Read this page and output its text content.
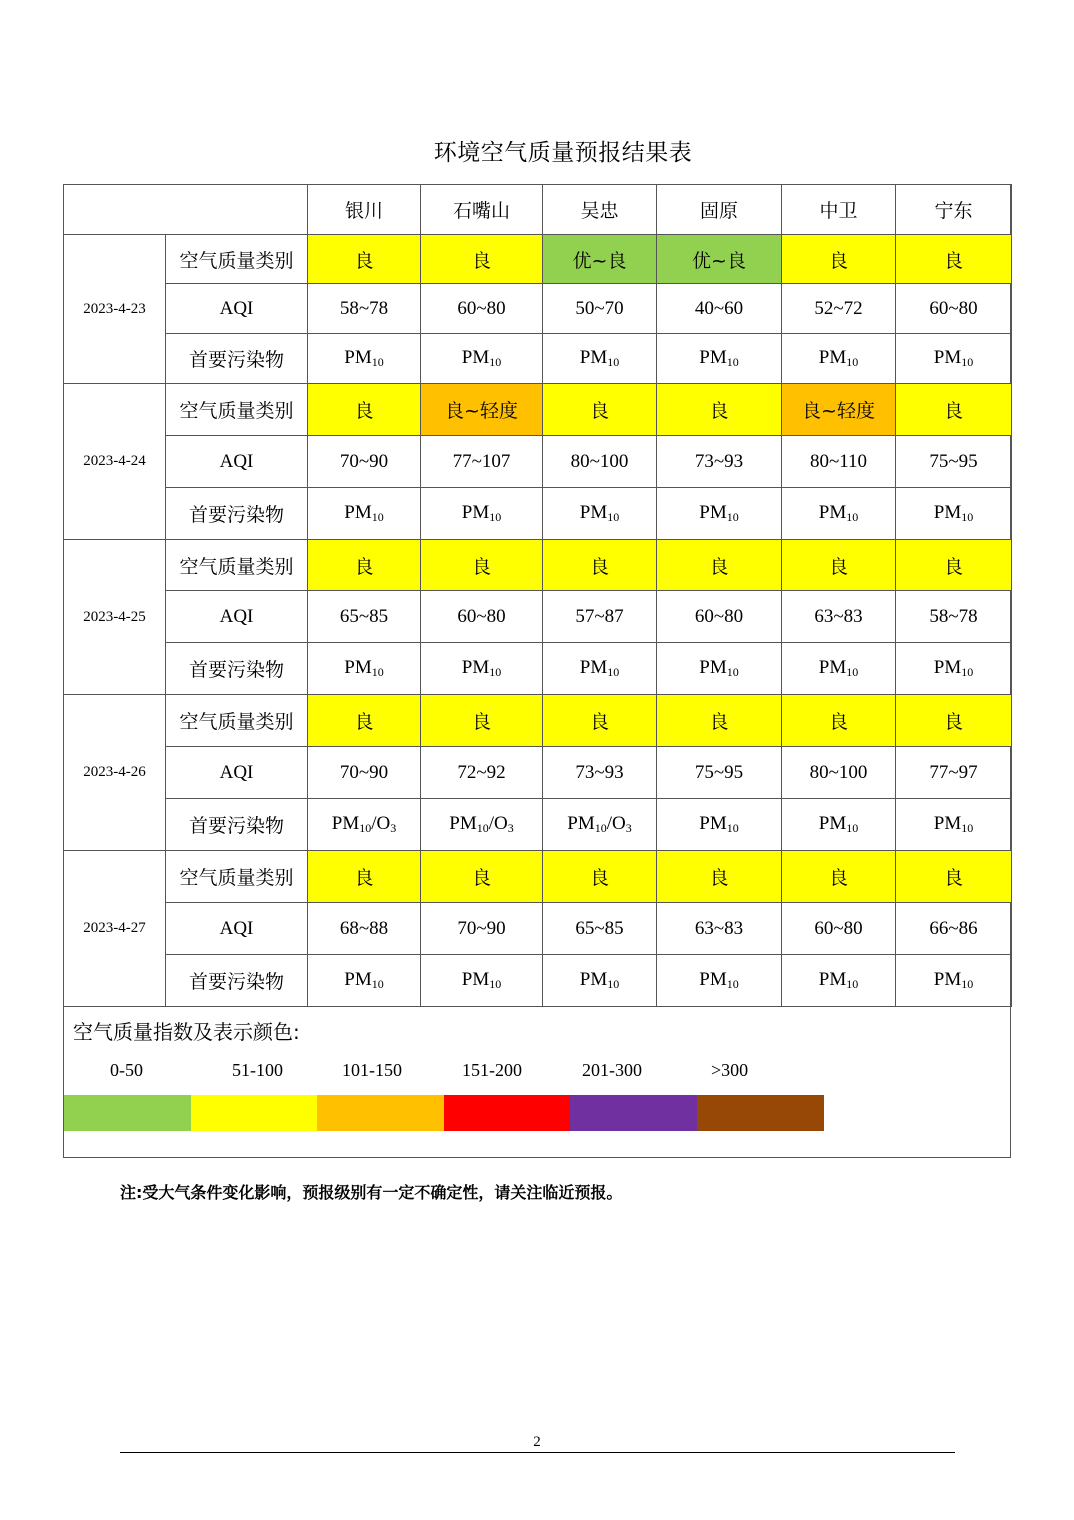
环境空气质量预报结果表
		银川	石嘴山	吴忠	固原	中卫	宁东
2023-4-23	空气质量类别	良	良	优~良	优~良	良	良
	AQI	58~78	60~80	50~70	40~60	52~72	60~80
	首要污染物	$PM_{10}$	$PM_{10}$	$PM_{10}$	$PM_{10}$	$PM_{10}$	$PM_{10}$
2023-4-24	空气质量类别	良	良~轻度	良	良	良~轻度	良
	AQI	70~90	77~107	80~100	73~93	80~110	75~95
	首要污染物	$PM_{10}$	$PM_{10}$	$PM_{10}$	$PM_{10}$	$PM_{10}$	$PM_{10}$
2023-4-25	空气质量类别	良	良	良	良	良	良
	AQI	65~85	60~80	57~87	60~80	63~83	58~78
	首要污染物	$PM_{10}$	$PM_{10}$	$PM_{10}$	$PM_{10}$	$PM_{10}$	$PM_{10}$
2023-4-26	空气质量类别	良	良	良	良	良	良
	AQI	70~90	72~92	73~93	75~95	80~100	77~97
	首要污染物	$PM_{10}/O_3$	$PM_{10}/O_3$	$PM_{10}/O_3$	$PM_{10}$	$PM_{10}$	$PM_{10}$
2023-4-27	空气质量类别	良	良	良	良	良	良
	AQI	68~88	70~90	65~85	63~83	60~80	66~86
	首要污染物	$PM_{10}$	$PM_{10}$	$PM_{10}$	$PM_{10}$	$PM_{10}$	$PM_{10}$
空气质量指数及表示颜色:
0-50	51-100	101-150	151-200	201-300	>300
注:受大气条件变化影响，预报级别有一定不确定性，请关注临近预报。
2
